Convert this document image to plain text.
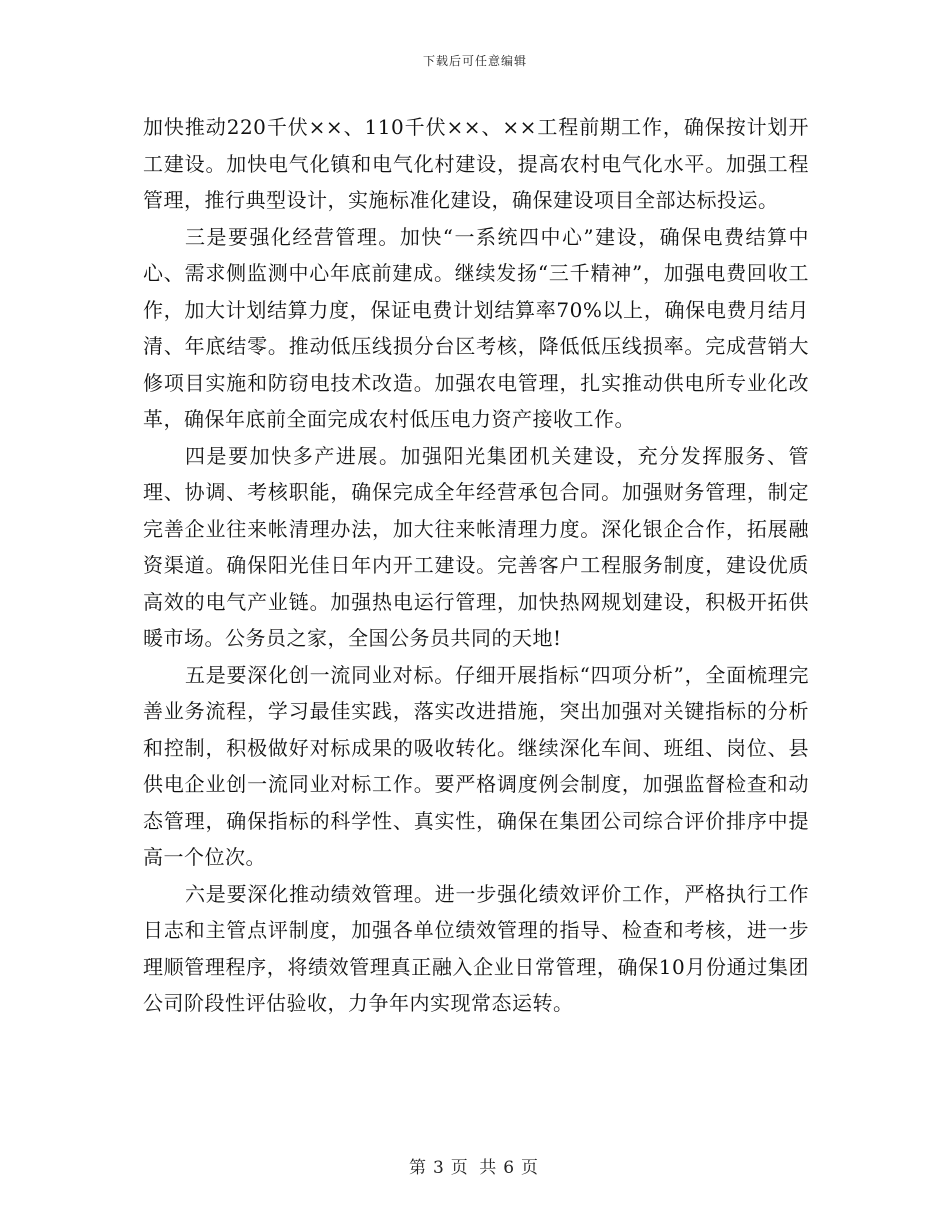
下载后可任意编辑

加快推动220千伏××、110千伏××、××工程前期工作，确保按计划开工建设。加快电气化镇和电气化村建设，提高农村电气化水平。加强工程管理，推行典型设计，实施标准化建设，确保建设项目全部达标投运。

三是要强化经营管理。加快“一系统四中心”建设，确保电费结算中心、需求侧监测中心年底前建成。继续发扬“三千精神”，加强电费回收工作，加大计划结算力度，保证电费计划结算率70%以上，确保电费月结月清、年底结零。推动低压线损分台区考核，降低低压线损率。完成营销大修项目实施和防窃电技术改造。加强农电管理，扎实推动供电所专业化改革，确保年底前全面完成农村低压电力资产接收工作。

四是要加快多产进展。加强阳光集团机关建设，充分发挥服务、管理、协调、考核职能，确保完成全年经营承包合同。加强财务管理，制定完善企业往来帐清理办法，加大往来帐清理力度。深化银企合作，拓展融资渠道。确保阳光佳日年内开工建设。完善客户工程服务制度，建设优质高效的电气产业链。加强热电运行管理，加快热网规划建设，积极开拓供暖市场。公务员之家，全国公务员共同的天地!

五是要深化创一流同业对标。仔细开展指标“四项分析”，全面梳理完善业务流程，学习最佳实践，落实改进措施，突出加强对关键指标的分析和控制，积极做好对标成果的吸收转化。继续深化车间、班组、岗位、县供电企业创一流同业对标工作。要严格调度例会制度，加强监督检查和动态管理，确保指标的科学性、真实性，确保在集团公司综合评价排序中提高一个位次。

六是要深化推动绩效管理。进一步强化绩效评价工作，严格执行工作日志和主管点评制度，加强各单位绩效管理的指导、检查和考核，进一步理顺管理程序，将绩效管理真正融入企业日常管理，确保10月份通过集团公司阶段性评估验收，力争年内实现常态运转。

第 3 页 共 6 页
